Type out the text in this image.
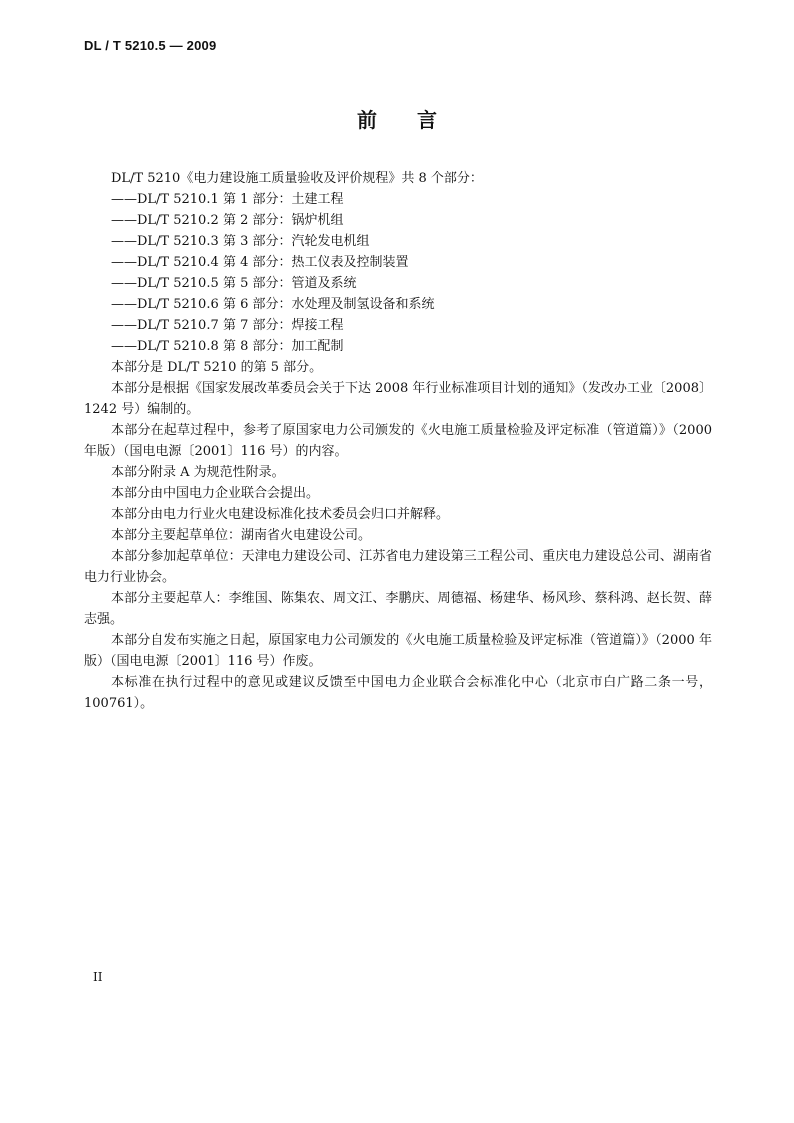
DL / T 5210.5 — 2009
前言

DL/T 5210《电力建设施工质量验收及评价规程》共 8 个部分：

——DL/T 5210.1 第 1 部分：土建工程
——DL/T 5210.2 第 2 部分：锅炉机组
——DL/T 5210.3 第 3 部分：汽轮发电机组
——DL/T 5210.4 第 4 部分：热工仪表及控制装置
——DL/T 5210.5 第 5 部分：管道及系统
——DL/T 5210.6 第 6 部分：水处理及制氢设备和系统
——DL/T 5210.7 第 7 部分：焊接工程
——DL/T 5210.8 第 8 部分：加工配制

本部分是 DL/T 5210 的第 5 部分。

本部分是根据《国家发展改革委员会关于下达 2008 年行业标准项目计划的通知》（发改办工业〔2008〕1242 号）编制的。

本部分在起草过程中，参考了原国家电力公司颁发的《火电施工质量检验及评定标准（管道篇）》（2000 年版）（国电电源〔2001〕116 号）的内容。

本部分附录 A 为规范性附录。

本部分由中国电力企业联合会提出。

本部分由电力行业火电建设标准化技术委员会归口并解释。

本部分主要起草单位：湖南省火电建设公司。

本部分参加起草单位：天津电力建设公司、江苏省电力建设第三工程公司、重庆电力建设总公司、湖南省电力行业协会。

本部分主要起草人：李维国、陈集农、周文江、李鹏庆、周德福、杨建华、杨风珍、蔡科鸿、赵长贺、薛志强。

本部分自发布实施之日起，原国家电力公司颁发的《火电施工质量检验及评定标准（管道篇）》（2000 年版）（国电电源〔2001〕116 号）作废。

本标准在执行过程中的意见或建议反馈至中国电力企业联合会标准化中心（北京市白广路二条一号，100761）。

II
